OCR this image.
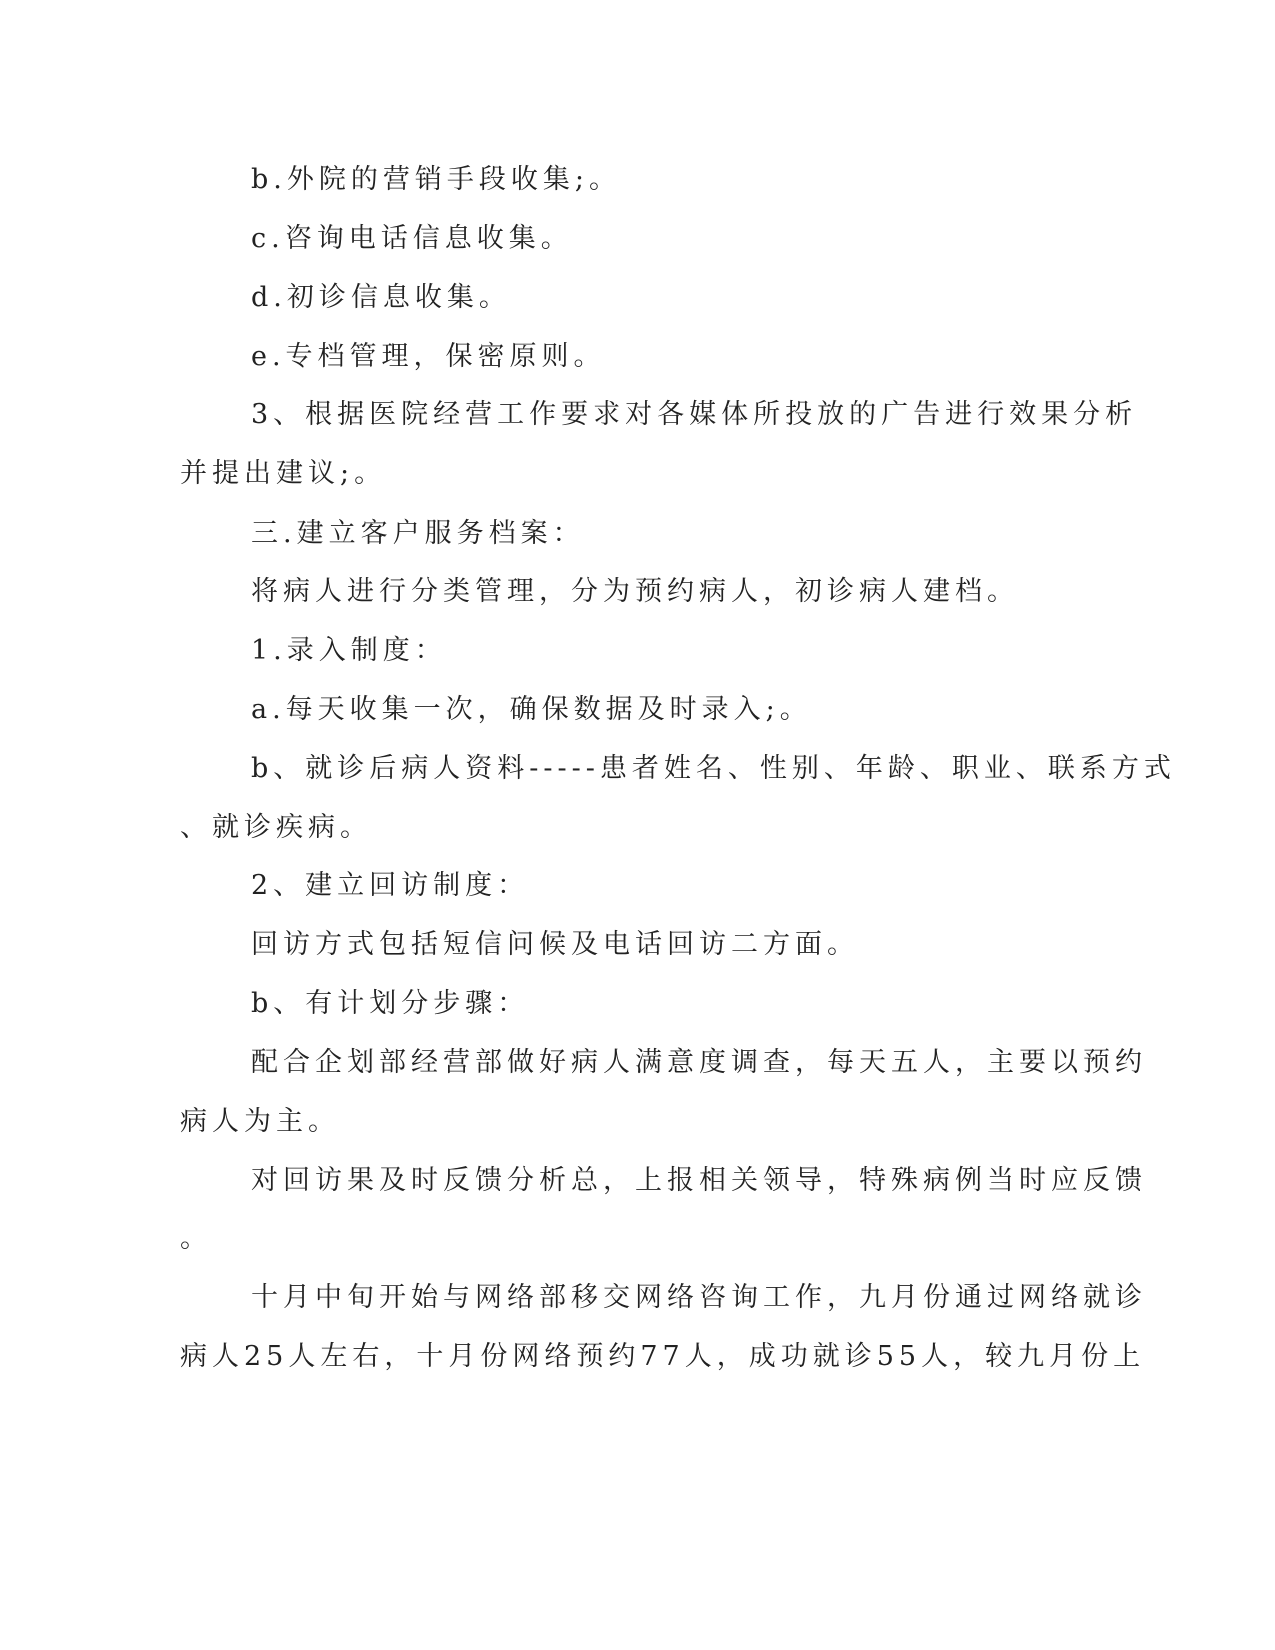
b.外院的营销手段收集;。
c.咨询电话信息收集。
d.初诊信息收集。
e.专档管理，保密原则。
3、根据医院经营工作要求对各媒体所投放的广告进行效果分析
并提出建议;。
三.建立客户服务档案：
将病人进行分类管理，分为预约病人，初诊病人建档。
1.录入制度：
a.每天收集一次，确保数据及时录入;。
b、就诊后病人资料-----患者姓名、性别、年龄、职业、联系方式
、就诊疾病。
2、建立回访制度：
回访方式包括短信问候及电话回访二方面。
b、有计划分步骤：
配合企划部经营部做好病人满意度调查，每天五人，主要以预约
病人为主。
对回访果及时反馈分析总，上报相关领导，特殊病例当时应反馈
。
十月中旬开始与网络部移交网络咨询工作，九月份通过网络就诊
病人25人左右，十月份网络预约77人，成功就诊55人，较九月份上
